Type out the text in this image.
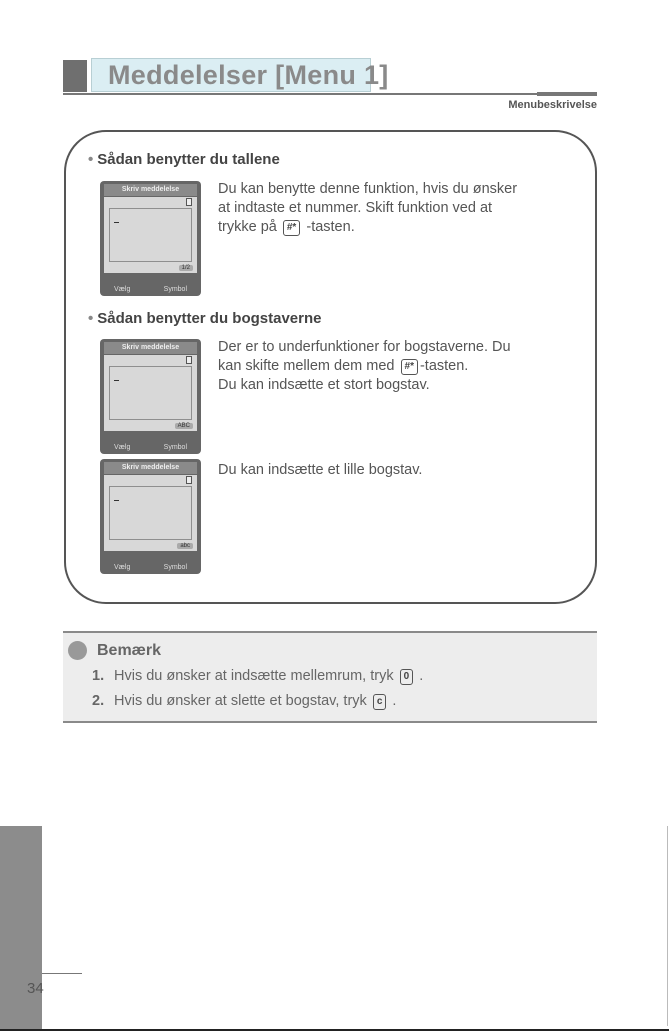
Meddelelser [Menu 1]
Menubeskrivelse
• Sådan benytter du tallene
Skriv meddelelse
1/2
Vælg	Symbol
Du kan benytte denne funktion, hvis du ønsker
at indtaste et nummer. Skift funktion ved at
trykke på #* -tasten.
• Sådan benytter du bogstaverne
Skriv meddelelse
ABC
Vælg	Symbol
Der er to underfunktioner for bogstaverne. Du
kan skifte mellem dem med #* -tasten.
Du kan indsætte et stort bogstav.
Skriv meddelelse
abc
Vælg	Symbol
Du kan indsætte et lille bogstav.
Bemærk
1. Hvis du ønsker at indsætte mellemrum, tryk 0 .
2. Hvis du ønsker at slette et bogstav, tryk c .
34
